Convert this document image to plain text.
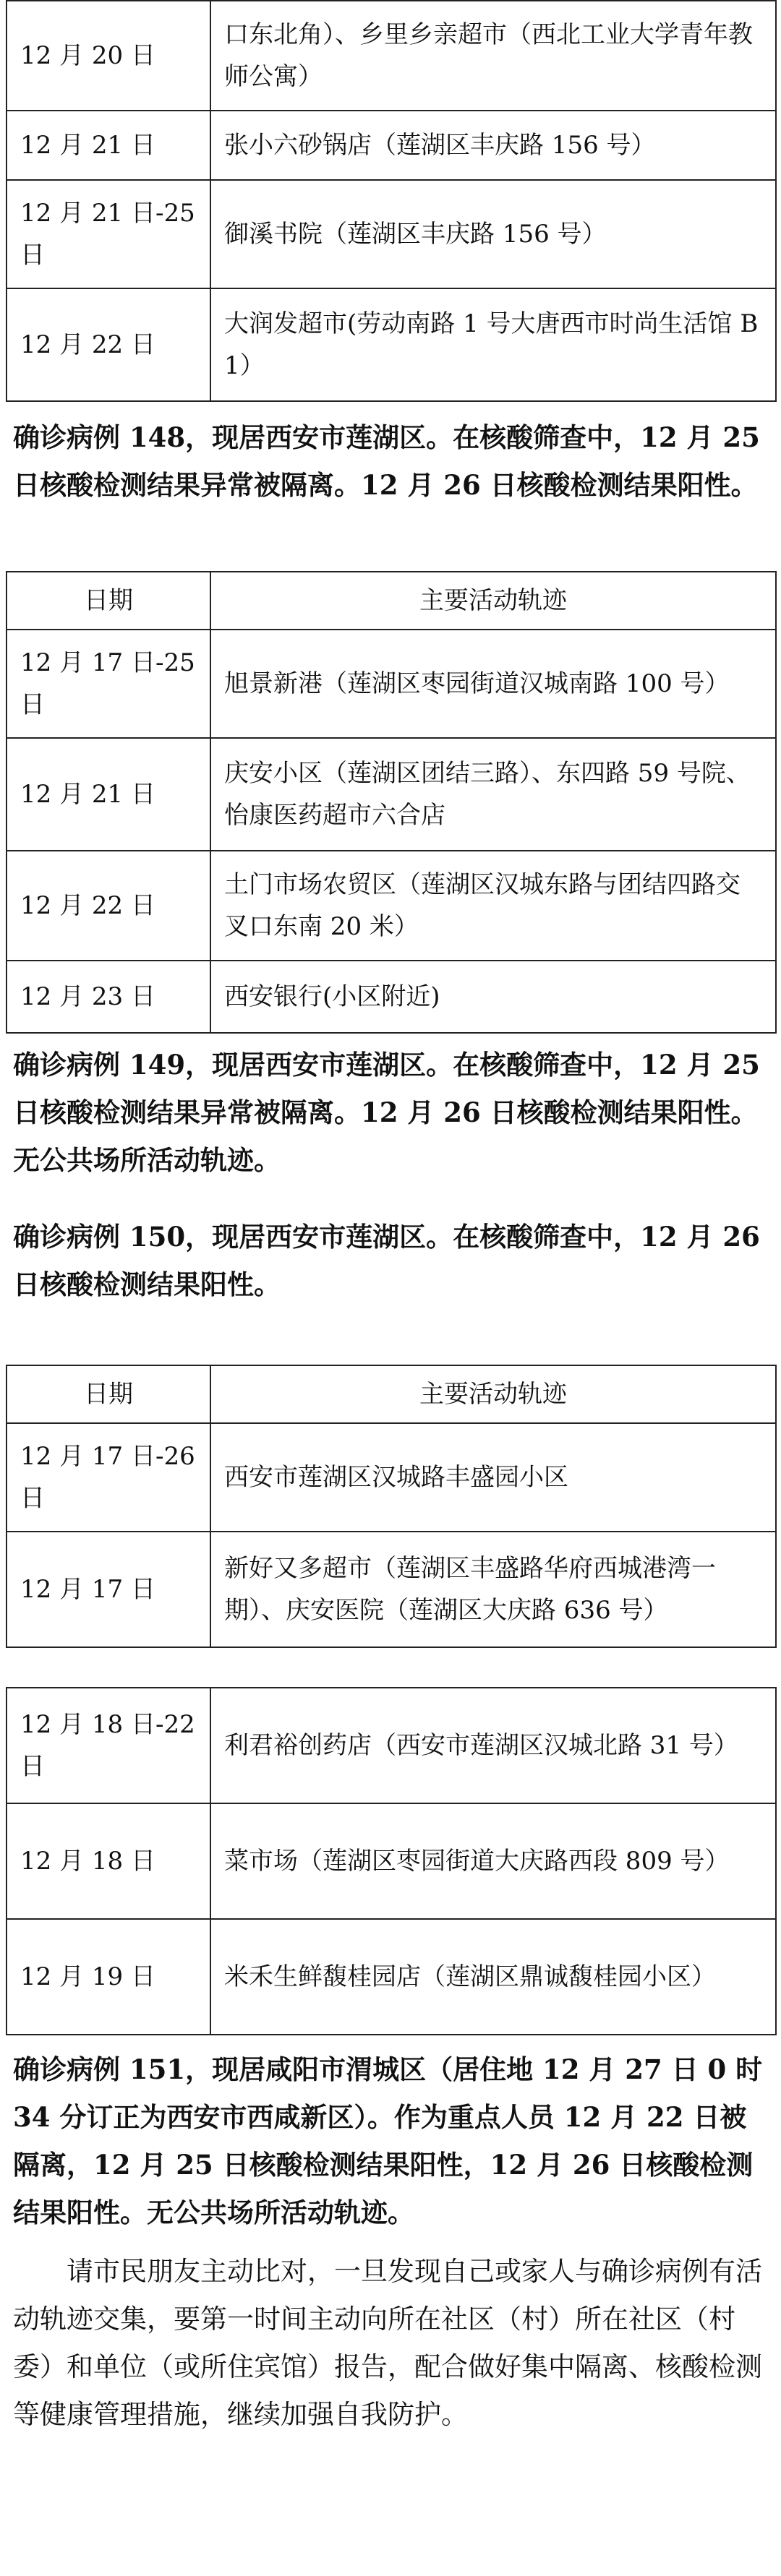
12 月 20 日	口东北角）、乡里乡亲超市（西北工业大学青年教师公寓）
12 月 21 日	张小六砂锅店（莲湖区丰庆路 156 号）
12 月 21 日-25 日	御溪书院（莲湖区丰庆路 156 号）
12 月 22 日	大润发超市(劳动南路 1 号大唐西市时尚生活馆 B1）
确诊病例 148，现居西安市莲湖区。在核酸筛查中，12 月 25 日核酸检测结果异常被隔离。12 月 26 日核酸检测结果阳性。
日期	主要活动轨迹
12 月 17 日-25 日	旭景新港（莲湖区枣园街道汉城南路 100 号）
12 月 21 日	庆安小区（莲湖区团结三路）、东四路 59 号院、怡康医药超市六合店
12 月 22 日	土门市场农贸区（莲湖区汉城东路与团结四路交叉口东南 20 米）
12 月 23 日	西安银行(小区附近)
确诊病例 149，现居西安市莲湖区。在核酸筛查中，12 月 25 日核酸检测结果异常被隔离。12 月 26 日核酸检测结果阳性。无公共场所活动轨迹。
确诊病例 150，现居西安市莲湖区。在核酸筛查中，12 月 26 日核酸检测结果阳性。
日期	主要活动轨迹
12 月 17 日-26 日	西安市莲湖区汉城路丰盛园小区
12 月 17 日	新好又多超市（莲湖区丰盛路华府西城港湾一期）、庆安医院（莲湖区大庆路 636 号）
12 月 18 日-22 日	利君裕创药店（西安市莲湖区汉城北路 31 号）
12 月 18 日	菜市场（莲湖区枣园街道大庆路西段 809 号）
12 月 19 日	米禾生鲜馥桂园店（莲湖区鼎诚馥桂园小区）
确诊病例 151，现居咸阳市渭城区（居住地 12 月 27 日 0 时 34 分订正为西安市西咸新区）。作为重点人员 12 月 22 日被隔离，12 月 25 日核酸检测结果阳性，12 月 26 日核酸检测结果阳性。无公共场所活动轨迹。
请市民朋友主动比对，一旦发现自己或家人与确诊病例有活动轨迹交集，要第一时间主动向所在社区（村）所在社区（村委）和单位（或所住宾馆）报告，配合做好集中隔离、核酸检测等健康管理措施，继续加强自我防护。
